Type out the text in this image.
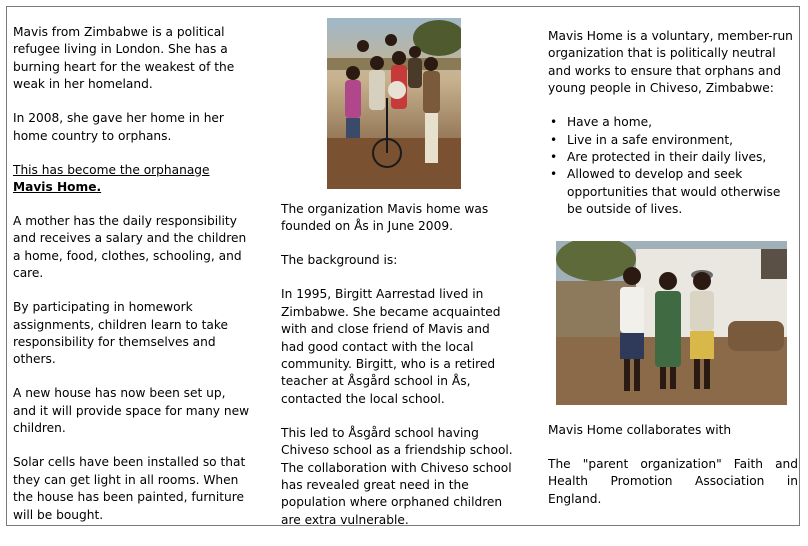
Mavis from Zimbabwe is a political refugee living in London. She has a burning heart for the weakest of the weak in her homeland.

In 2008, she gave her home in her home country to orphans.

This has become the orphanage Mavis Home.

A mother has the daily responsibility and receives a salary and the children a home, food, clothes, schooling, and care.

By participating in homework assignments, children learn to take responsibility for themselves and others.

A new house has now been set up, and it will provide space for many new children.

Solar cells have been installed so that they can get light in all rooms. When the house has been painted, furniture will be bought.

The organization Mavis home was founded on Ås in June 2009.

The background is:

In 1995, Birgitt Aarrestad lived in Zimbabwe. She became acquainted with and close friend of Mavis and had good contact with the local community. Birgitt, who is a retired teacher at Åsgård school in Ås, contacted the local school.

This led to Åsgård school having Chiveso school as a friendship school. The collaboration with Chiveso school has revealed great need in the population where orphaned children are extra vulnerable.

Mavis Home is a voluntary, member-run organization that is politically neutral and works to ensure that orphans and young people in Chiveso, Zimbabwe:

• Have a home,
• Live in a safe environment,
• Are protected in their daily lives,
• Allowed to develop and seek opportunities that would otherwise be outside of lives.

Mavis Home collaborates with

The "parent organization" Faith and Health Promotion Association in England.
